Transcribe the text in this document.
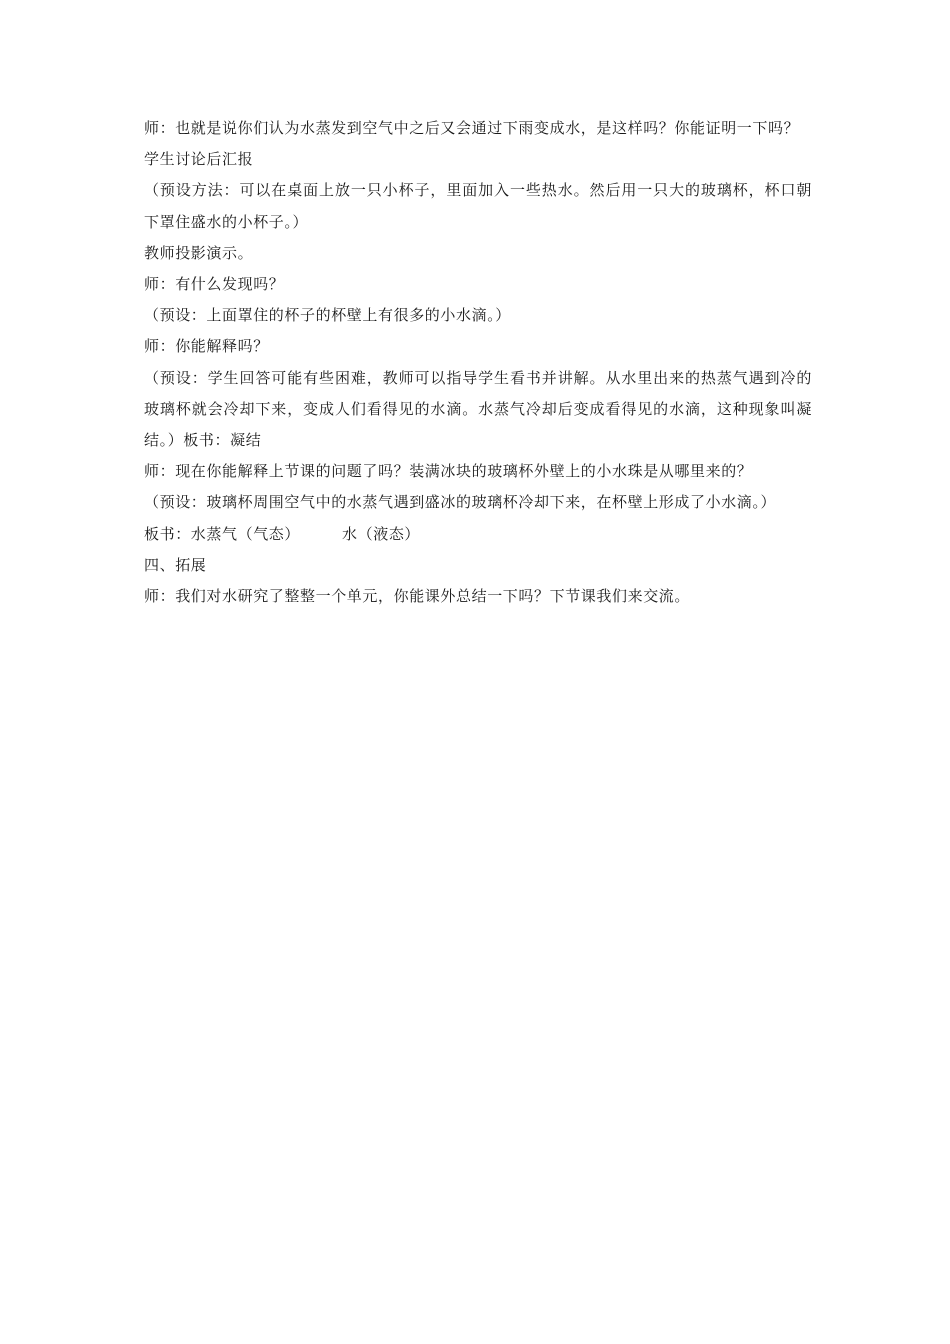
师：也就是说你们认为水蒸发到空气中之后又会通过下雨变成水，是这样吗？你能证明一下吗？

学生讨论后汇报

（预设方法：可以在桌面上放一只小杯子，里面加入一些热水。然后用一只大的玻璃杯，杯口朝下罩住盛水的小杯子。）

教师投影演示。

师：有什么发现吗？

（预设：上面罩住的杯子的杯壁上有很多的小水滴。）

师：你能解释吗？

（预设：学生回答可能有些困难，教师可以指导学生看书并讲解。从水里出来的热蒸气遇到冷的玻璃杯就会冷却下来，变成人们看得见的水滴。水蒸气冷却后变成看得见的水滴，这种现象叫凝结。）板书：凝结

师：现在你能解释上节课的问题了吗？装满冰块的玻璃杯外壁上的小水珠是从哪里来的？

（预设：玻璃杯周围空气中的水蒸气遇到盛冰的玻璃杯冷却下来，在杯壁上形成了小水滴。）

板书：水蒸气（气态）	水（液态）

四、拓展

师：我们对水研究了整整一个单元，你能课外总结一下吗？下节课我们来交流。
